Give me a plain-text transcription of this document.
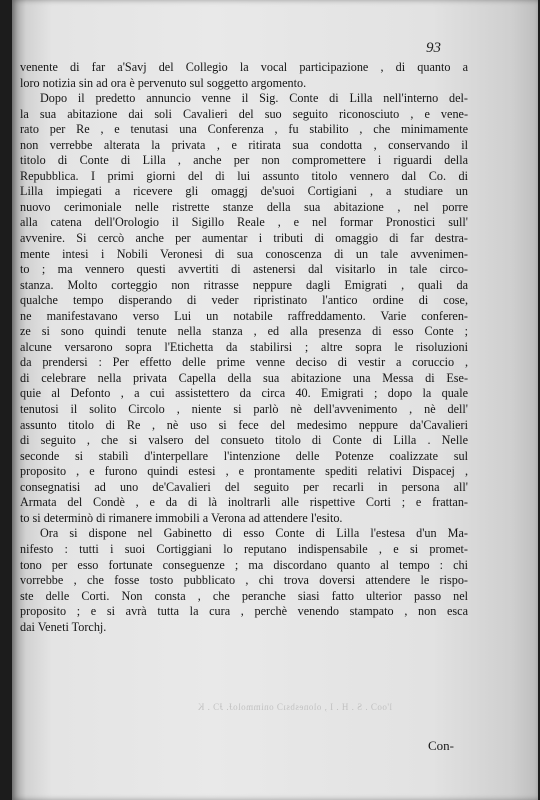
l'ooƆ . S . H . I , olonesbsıƆ onimmoloɈ. ɈƆ . K
93
venente di far a'Savj del Collegio la vocal participazione , di quanto a
loro notizia sin ad ora è pervenuto sul soggetto argomento.
Dopo il predetto annuncio venne il Sig. Conte di Lilla nell'interno del-
la sua abitazione dai soli Cavalieri del suo seguito riconosciuto , e vene-
rato per Re , e tenutasi una Conferenza , fu stabilito , che minimamente
non verrebbe alterata la privata , e ritirata sua condotta , conservando il
titolo di Conte di Lilla , anche per non compromettere i riguardi della
Repubblica. I primi giorni del di lui assunto titolo vennero dal Co. di
Lilla impiegati a ricevere gli omaggj de'suoi Cortigiani , a studiare un
nuovo cerimoniale nelle ristrette stanze della sua abitazione , nel porre
alla catena dell'Orologio il Sigillo Reale , e nel formar Pronostici sull'
avvenire. Si cercò anche per aumentar i tributi di omaggio di far destra-
mente intesi i Nobili Veronesi di sua conoscenza di un tale avvenimen-
to ; ma vennero questi avvertiti di astenersi dal visitarlo in tale circo-
stanza. Molto corteggio non ritrasse neppure dagli Emigrati , quali da
qualche tempo disperando di veder ripristinato l'antico ordine di cose,
ne manifestavano verso Lui un notabile raffreddamento. Varie conferen-
ze si sono quindi tenute nella stanza , ed alla presenza di esso Conte ;
alcune versarono sopra l'Etichetta da stabilirsi ; altre sopra le risoluzioni
da prendersi : Per effetto delle prime venne deciso di vestir a coruccio ,
di celebrare nella privata Capella della sua abitazione una Messa di Ese-
quie al Defonto , a cui assistettero da circa 40. Emigrati ; dopo la quale
tenutosi il solito Circolo , niente si parlò nè dell'avvenimento , nè dell'
assunto titolo di Re , nè uso si fece del medesimo neppure da'Cavalieri
di seguito , che si valsero del consueto titolo di Conte di Lilla . Nelle
seconde si stabilì d'interpellare l'intenzione delle Potenze coalizzate sul
proposito , e furono quindi estesi , e prontamente spediti relativi Dispacej ,
consegnatisi ad uno de'Cavalieri del seguito per recarli in persona all'
Armata del Condè , e da di là inoltrarli alle rispettive Corti ; e frattan-
to si determinò di rimanere immobili a Verona ad attendere l'esito.
Ora si dispone nel Gabinetto di esso Conte di Lilla l'estesa d'un Ma-
nifesto : tutti i suoi Cortiggiani lo reputano indispensabile , e si promet-
tono per esso fortunate conseguenze ; ma discordano quanto al tempo : chi
vorrebbe , che fosse tosto pubblicato , chi trova doversi attendere le rispo-
ste delle Corti. Non consta , che peranche siasi fatto ulterior passo nel
proposito ; e si avrà tutta la cura , perchè venendo stampato , non esca
dai Veneti Torchj.
Con-
